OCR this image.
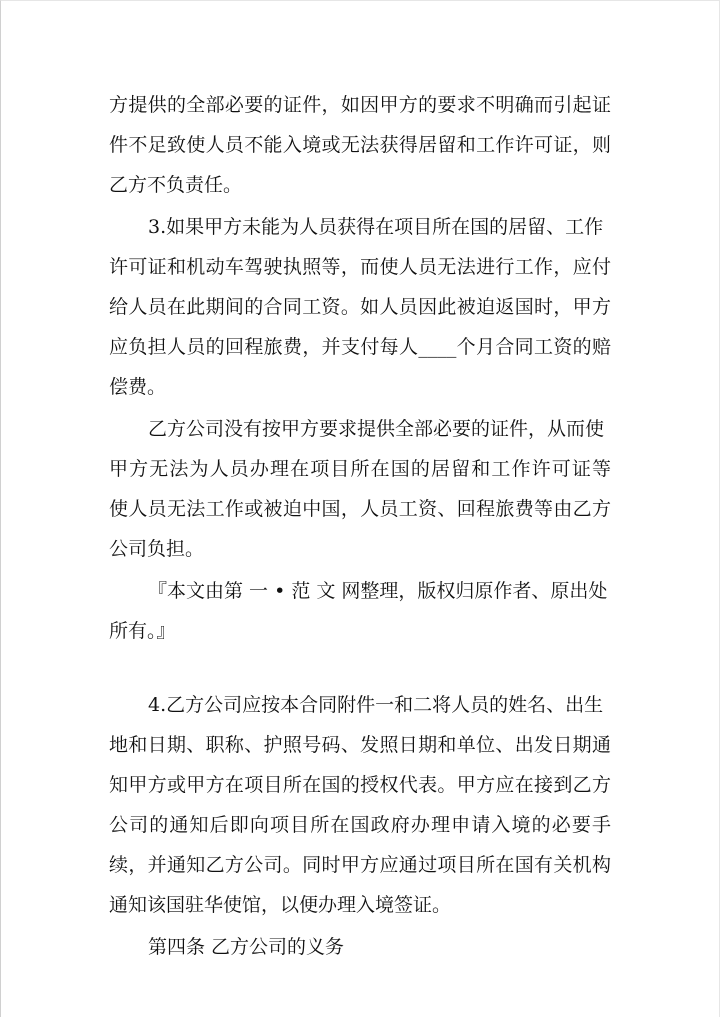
方提供的全部必要的证件，如因甲方的要求不明确而引起证
件不足致使人员不能入境或无法获得居留和工作许可证，则
乙方不负责任。
3.如果甲方未能为人员获得在项目所在国的居留、工作
许可证和机动车驾驶执照等，而使人员无法进行工作，应付
给人员在此期间的合同工资。如人员因此被迫返国时，甲方
应负担人员的回程旅费，并支付每人____个月合同工资的赔
偿费。
乙方公司没有按甲方要求提供全部必要的证件，从而使
甲方无法为人员办理在项目所在国的居留和工作许可证等
使人员无法工作或被迫中国，人员工资、回程旅费等由乙方
公司负担。
『本文由第 一 • 范 文 网整理，版权归原作者、原出处
所有。』
4.乙方公司应按本合同附件一和二将人员的姓名、出生
地和日期、职称、护照号码、发照日期和单位、出发日期通
知甲方或甲方在项目所在国的授权代表。甲方应在接到乙方
公司的通知后即向项目所在国政府办理申请入境的必要手
续，并通知乙方公司。同时甲方应通过项目所在国有关机构
通知该国驻华使馆，以便办理入境签证。
第四条 乙方公司的义务
